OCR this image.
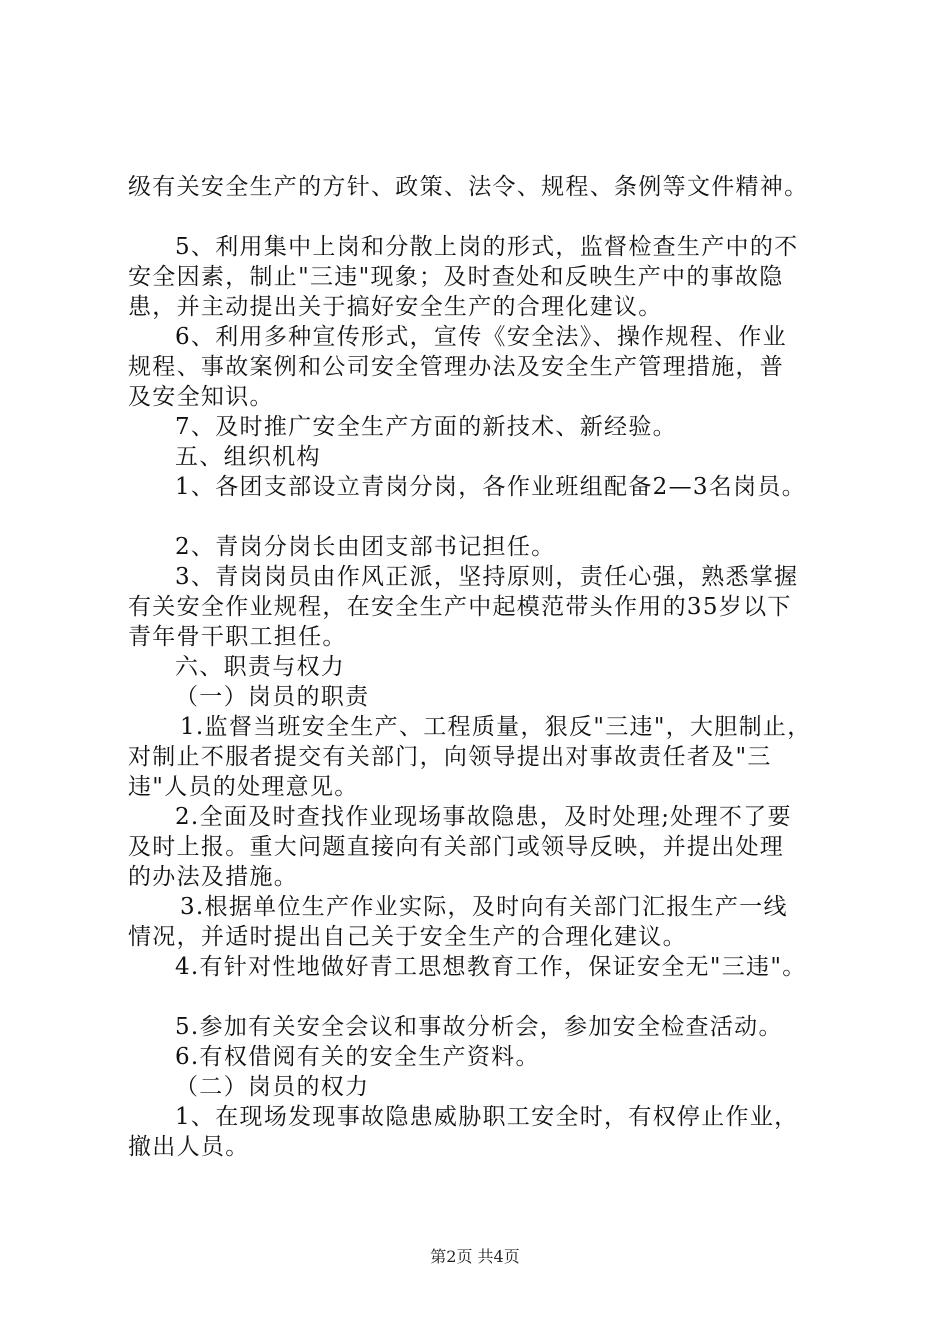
级有关安全生产的方针、政策、法令、规程、条例等文件精神。
5、利用集中上岗和分散上岗的形式，监督检查生产中的不
安全因素，制止"三违"现象；及时查处和反映生产中的事故隐
患，并主动提出关于搞好安全生产的合理化建议。
6、利用多种宣传形式，宣传《安全法》、操作规程、作业
规程、事故案例和公司安全管理办法及安全生产管理措施，普
及安全知识。
7、及时推广安全生产方面的新技术、新经验。
五、组织机构
1、各团支部设立青岗分岗，各作业班组配备2—3名岗员。
2、青岗分岗长由团支部书记担任。
3、青岗岗员由作风正派，坚持原则，责任心强，熟悉掌握
有关安全作业规程，在安全生产中起模范带头作用的35岁以下
青年骨干职工担任。
六、职责与权力
（一）岗员的职责
1.监督当班安全生产、工程质量，狠反"三违"，大胆制止，
对制止不服者提交有关部门，向领导提出对事故责任者及"三
违"人员的处理意见。
2.全面及时查找作业现场事故隐患，及时处理;处理不了要
及时上报。重大问题直接向有关部门或领导反映，并提出处理
的办法及措施。
3.根据单位生产作业实际，及时向有关部门汇报生产一线
情况，并适时提出自己关于安全生产的合理化建议。
4.有针对性地做好青工思想教育工作，保证安全无"三违"。
5.参加有关安全会议和事故分析会，参加安全检查活动。
6.有权借阅有关的安全生产资料。
（二）岗员的权力
1、在现场发现事故隐患威胁职工安全时，有权停止作业，
撤出人员。
第2页 共4页
